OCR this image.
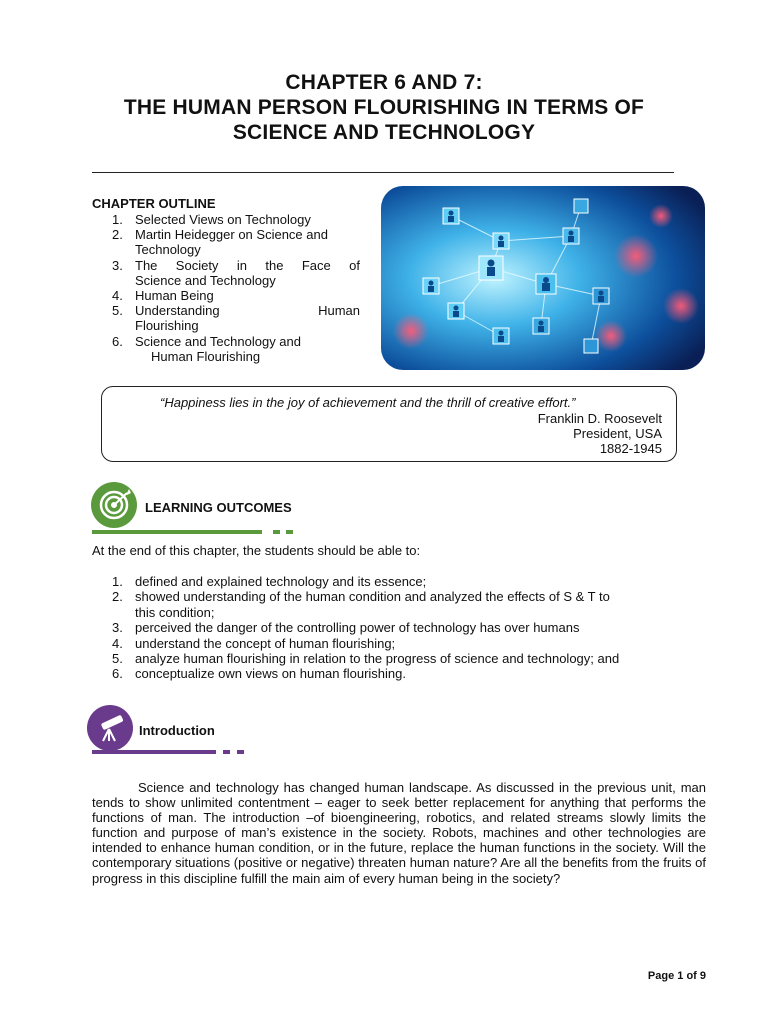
CHAPTER 6 AND 7:
THE HUMAN PERSON FLOURISHING IN TERMS OF
SCIENCE AND TECHNOLOGY
CHAPTER OUTLINE
1. Selected Views on Technology
2. Martin Heidegger on Science and
Technology
3. The Society in the Face of
Science and Technology
4. Human Being
5. Understanding Human
Flourishing
6. Science and Technology and
Human Flourishing
“Happiness lies in the joy of achievement and the thrill of creative effort.”
Franklin D. Roosevelt
President, USA
1882-1945
LEARNING OUTCOMES
At the end of this chapter, the students should be able to:
1. defined and explained technology and its essence;
2. showed understanding of the human condition and analyzed the effects of S & T to
this condition;
3. perceived the danger of the controlling power of technology has over humans
4. understand the concept of human flourishing;
5. analyze human flourishing in relation to the progress of science and technology; and
6. conceptualize own views on human flourishing.
Introduction
Science and technology has changed human landscape. As discussed in the previous unit, man tends to show unlimited contentment – eager to seek better replacement for anything that performs the functions of man. The introduction –of bioengineering, robotics, and related streams slowly limits the function and purpose of man’s existence in the society. Robots, machines and other technologies are intended to enhance human condition, or in the future, replace the human functions in the society. Will the contemporary situations (positive or negative) threaten human nature? Are all the benefits from the fruits of progress in this discipline fulfill the main aim of every human being in the society?
Page 1 of 9
